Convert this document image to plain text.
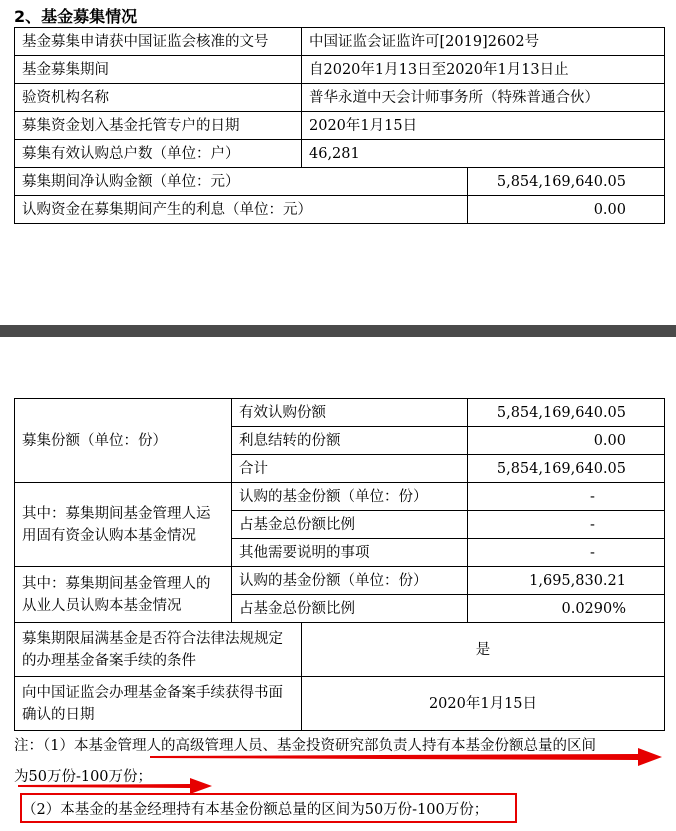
2、基金募集情况
基金募集申请获中国证监会核准的文号	中国证监会证监许可[2019]2602号	
基金募集期间	自2020年1月13日至2020年1月13日止	
验资机构名称	普华永道中天会计师事务所（特殊普通合伙）	
募集资金划入基金托管专户的日期	2020年1月15日	
募集有效认购总户数（单位：户）	46,281	
募集期间净认购金额（单位：元）		5,854,169,640.05
认购资金在募集期间产生的利息（单位：元）		0.00
募集份额（单位：份）	有效认购份额		5,854,169,640.05
	利息结转的份额		0.00
	合计		5,854,169,640.05
其中：募集期间基金管理人运用固有资金认购本基金情况	认购的基金份额（单位：份）		-
	占基金总份额比例		-
	其他需要说明的事项		-
其中：募集期间基金管理人的从业人员认购本基金情况	认购的基金份额（单位：份）		1,695,830.21
	占基金总份额比例		0.0290%
募集期限届满基金是否符合法律法规规定的办理基金备案手续的条件		是	
向中国证监会办理基金备案手续获得书面确认的日期		2020年1月15日	
注：（1）本基金管理人的高级管理人员、基金投资研究部负责人持有本基金份额总量的区间
为50万份-100万份；
（2）本基金的基金经理持有本基金份额总量的区间为50万份-100万份；
